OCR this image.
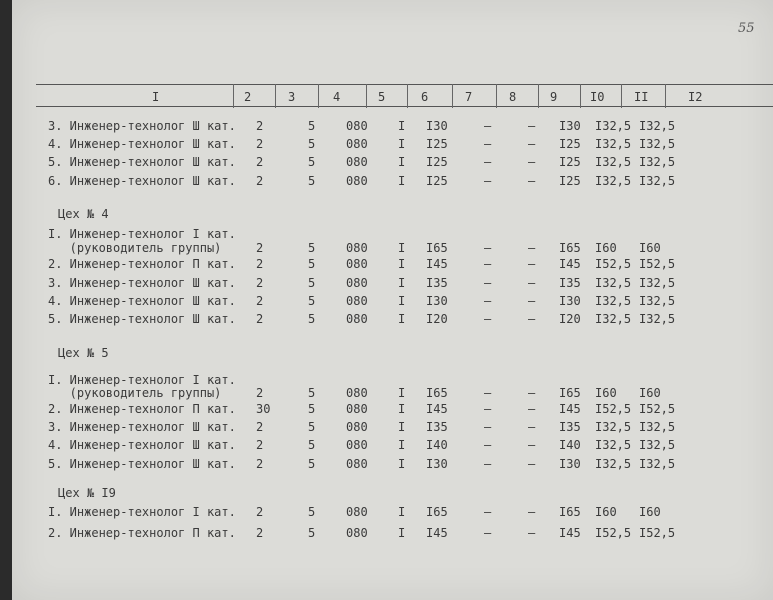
55
I	2	3	4	5	6	7	8	9	I0 II	I2
3. Инженер-технолог Ш кат. 2	5	080	I I30	–	– I30 I32,5 I32,5
4. Инженер-технолог Ш кат. 2	5	080	I I25	–	– I25 I32,5 I32,5
5. Инженер-технолог Ш кат. 2	5	080	I I25	–	– I25 I32,5 I32,5
6. Инженер-технолог Ш кат. 2	5	080	I I25	–	– I25 I32,5 I32,5
Цех № 4
I. Инженер-технолог I кат.
(руководитель группы)	2	5	080	I I65	–	– I65 I60 I60
2. Инженер-технолог П кат. 2	5	080	I I45	–	– I45 I52,5 I52,5
3. Инженер-технолог Ш кат. 2	5	080	I I35	–	– I35 I32,5 I32,5
4. Инженер-технолог Ш кат. 2	5	080	I I30	–	– I30 I32,5 I32,5
5. Инженер-технолог Ш кат. 2	5	080	I I20	–	– I20 I32,5 I32,5
Цех № 5
I. Инженер-технолог I кат.
(руководитель группы)	2	5	080	I I65	–	– I65 I60 I60
2. Инженер-технолог П кат. 30	5	080	I I45	–	– I45 I52,5 I52,5
3. Инженер-технолог Ш кат. 2	5	080	I I35	–	– I35 I32,5 I32,5
4. Инженер-технолог Ш кат. 2	5	080	I I40	–	– I40 I32,5 I32,5
5. Инженер-технолог Ш кат. 2	5	080	I I30	–	– I30 I32,5 I32,5
Цех № I9
I. Инженер-технолог I кат. 2	5	080	I I65	–	– I65 I60 I60
2. Инженер-технолог П кат. 2	5	080	I I45	–	– I45 I52,5 I52,5
